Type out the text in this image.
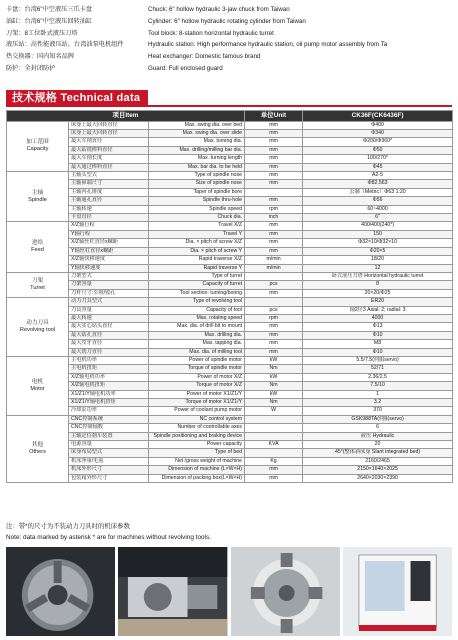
卡盘：台湾6"中空液压三爪卡盘	Chuck: 6" hollow hydraulic 3-jaw chuck from Taiwan
油缸：台湾6"中空液压回转油缸	Cylinder: 6" hollow hydraulic rotating cylinder from Taiwan
刀架：8工位卧式液压刀塔	Tool block: 8-station horizontal hydraulic turret
液压站：高性能液压站，台湾油泵电机组件	Hydraulic station: High performance hydraulic station, oil pump motor assembly from Ta
热交换器：国内知名品牌	Heat exchanger: Domestic famous brand
防护：全封闭防护	Guard: Full enclosed guard
技术规格 Technical data
项目Item			单位Unit	CK36F(CK6436F)
加工范围
Capacity	床身上最大回转直径	Max. swing dia. over bed	mm	Φ400
	床身上最大回转直径	Max. swing dia. over slide	mm	Φ340
	最大车削直径	Max. turning dia.	mm	Φ200/Φ360*
	最大钻铣棒料直径	Max. drilling/milling bar dia.	mm	Φ50
	最大车削长度	Max. turning length	mm	100/270*
	最大通过棒料直径	Max. bar dia. to be held	mm	Φ45
主轴
Spindle	主轴头型式	Type of spindle nose	mm	A2-5
	主轴鼻端尺寸	Size of spindle nose	mm	Φ82.563
	主轴内孔锥度	Taper of spindle bore		公制（Metric）Φ63 1:20
	主轴通孔直径	Spindle thru-hole	mm	Φ56
	主轴转速	Spindle speed	rpm	60~4000
	卡盘直径	Chuck dia.	inch	6"
进给
Feed	X/Z轴行程	Travel X/Z	mm	400/400(240*)
	Y轴行程	Travel Y	mm	150
	X/Z轴丝杠直径x螺距	Dia. × pitch of screw X/Z	mm	Φ32×10/Φ32×10
	Y轴丝杠直径x螺距	Dia. × pitch of screw Y	mm	Φ20×5
	X/Z轴快移速度	Rapid traverse X/Z	m/min	18/20
	Y轴快移速度	Rapid traverse Y	m/min	12
刀架
Turret	刀架型式	Type of turret		卧式液压刀塔 Horizontal hydraulic turret
	刀架容量	Capacity of turret	pcs	8
	刀杆尺寸:车削/镗孔	Tool section: turning/boring	mm	20×20/Φ25
动力刀具
Revolving tool	动力刀具型式	Type of revolving tool		ER20
	刀具容量	Capacity of tool	pcs	轴2径3 Axial: 2; radial: 3
	最大转速	Max. rotating speed	rpm	4000
	最大实心钻头直径	Max. dia. of drill bit to mount	mm	Φ13
	最大钻孔直径	Max. drilling dia.	mm	Φ10
	最大攻牙直径	Max. tapping dia.	mm	M8
	最大铣刀直径	Max. dia. of milling tool	mm	Φ10
电机
Motor	主电机功率	Power of spindle motor	kW	5.5/7.5(伺服servo)
	主电机扭矩	Torque of spindle motor	Nm	52/71
	X/Z轴电机功率	Power of motor X/Z	kW	2.36/2.5
	X/Z轴电机扭矩	Torque of motor X/Z	Nm	7.5/10
	X1/Z1/Y轴电机功率	Power of motor X1/Z1/Y	kW	1
	X1/Z1/Y轴电机扭矩	Torque of motor X1/Z1/Y	Nm	3.2
	冷却泵功率	Power of coolant pump motor	W	370
其他
Others	CNC控制系统	NC control system		GSK988TA(伺服servo)
	CNC控制轴数	Number of controllable axes		6
	主轴定位刹车装置	Spindle positioning and braking device		液压 Hydraulic
	电源容量	Power capacity	KVA	20
	床身布局型式	Type of bed		45°(整体斜床身 Slant integrated bed)
	机床净重/毛重	Net /gross weight of machine	Kg	2160/2465
	机床外形尺寸	Dimension of machine (L×W×H)	mm	2150×1640×2025
	包装箱外形尺寸	Dimension of packing box(L×W×H)	mm	2640×2030×2390
注：带*的尺寸为不装动力刀具时的机床参数
Note: data marked by asterisk * are for machines without revolving tools.
